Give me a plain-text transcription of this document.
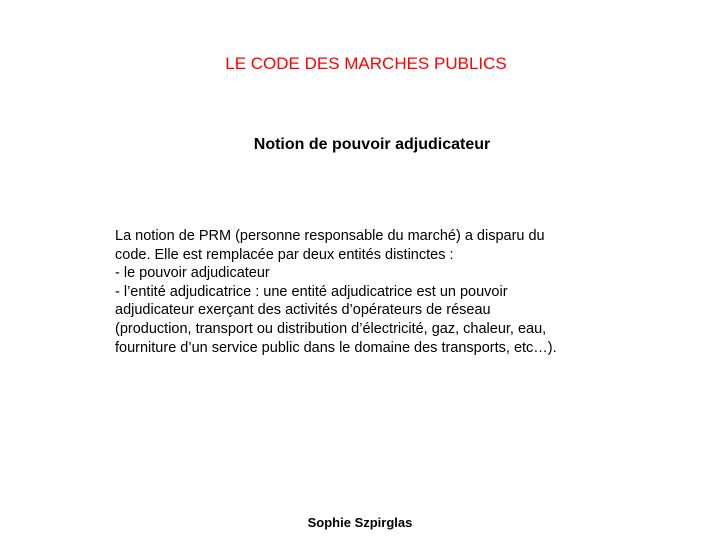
LE CODE DES MARCHES PUBLICS
Notion de pouvoir adjudicateur

La notion de PRM (personne responsable du marché) a disparu du

code. Elle est remplacée par deux entités distinctes :

- le pouvoir adjudicateur

- l’entité adjudicatrice : une entité adjudicatrice est un pouvoir

adjudicateur exerçant des activités d’opérateurs de réseau

(production, transport ou distribution d’électricité, gaz, chaleur, eau,

fourniture d’un service public dans le domaine des transports, etc…).

Sophie Szpirglas
